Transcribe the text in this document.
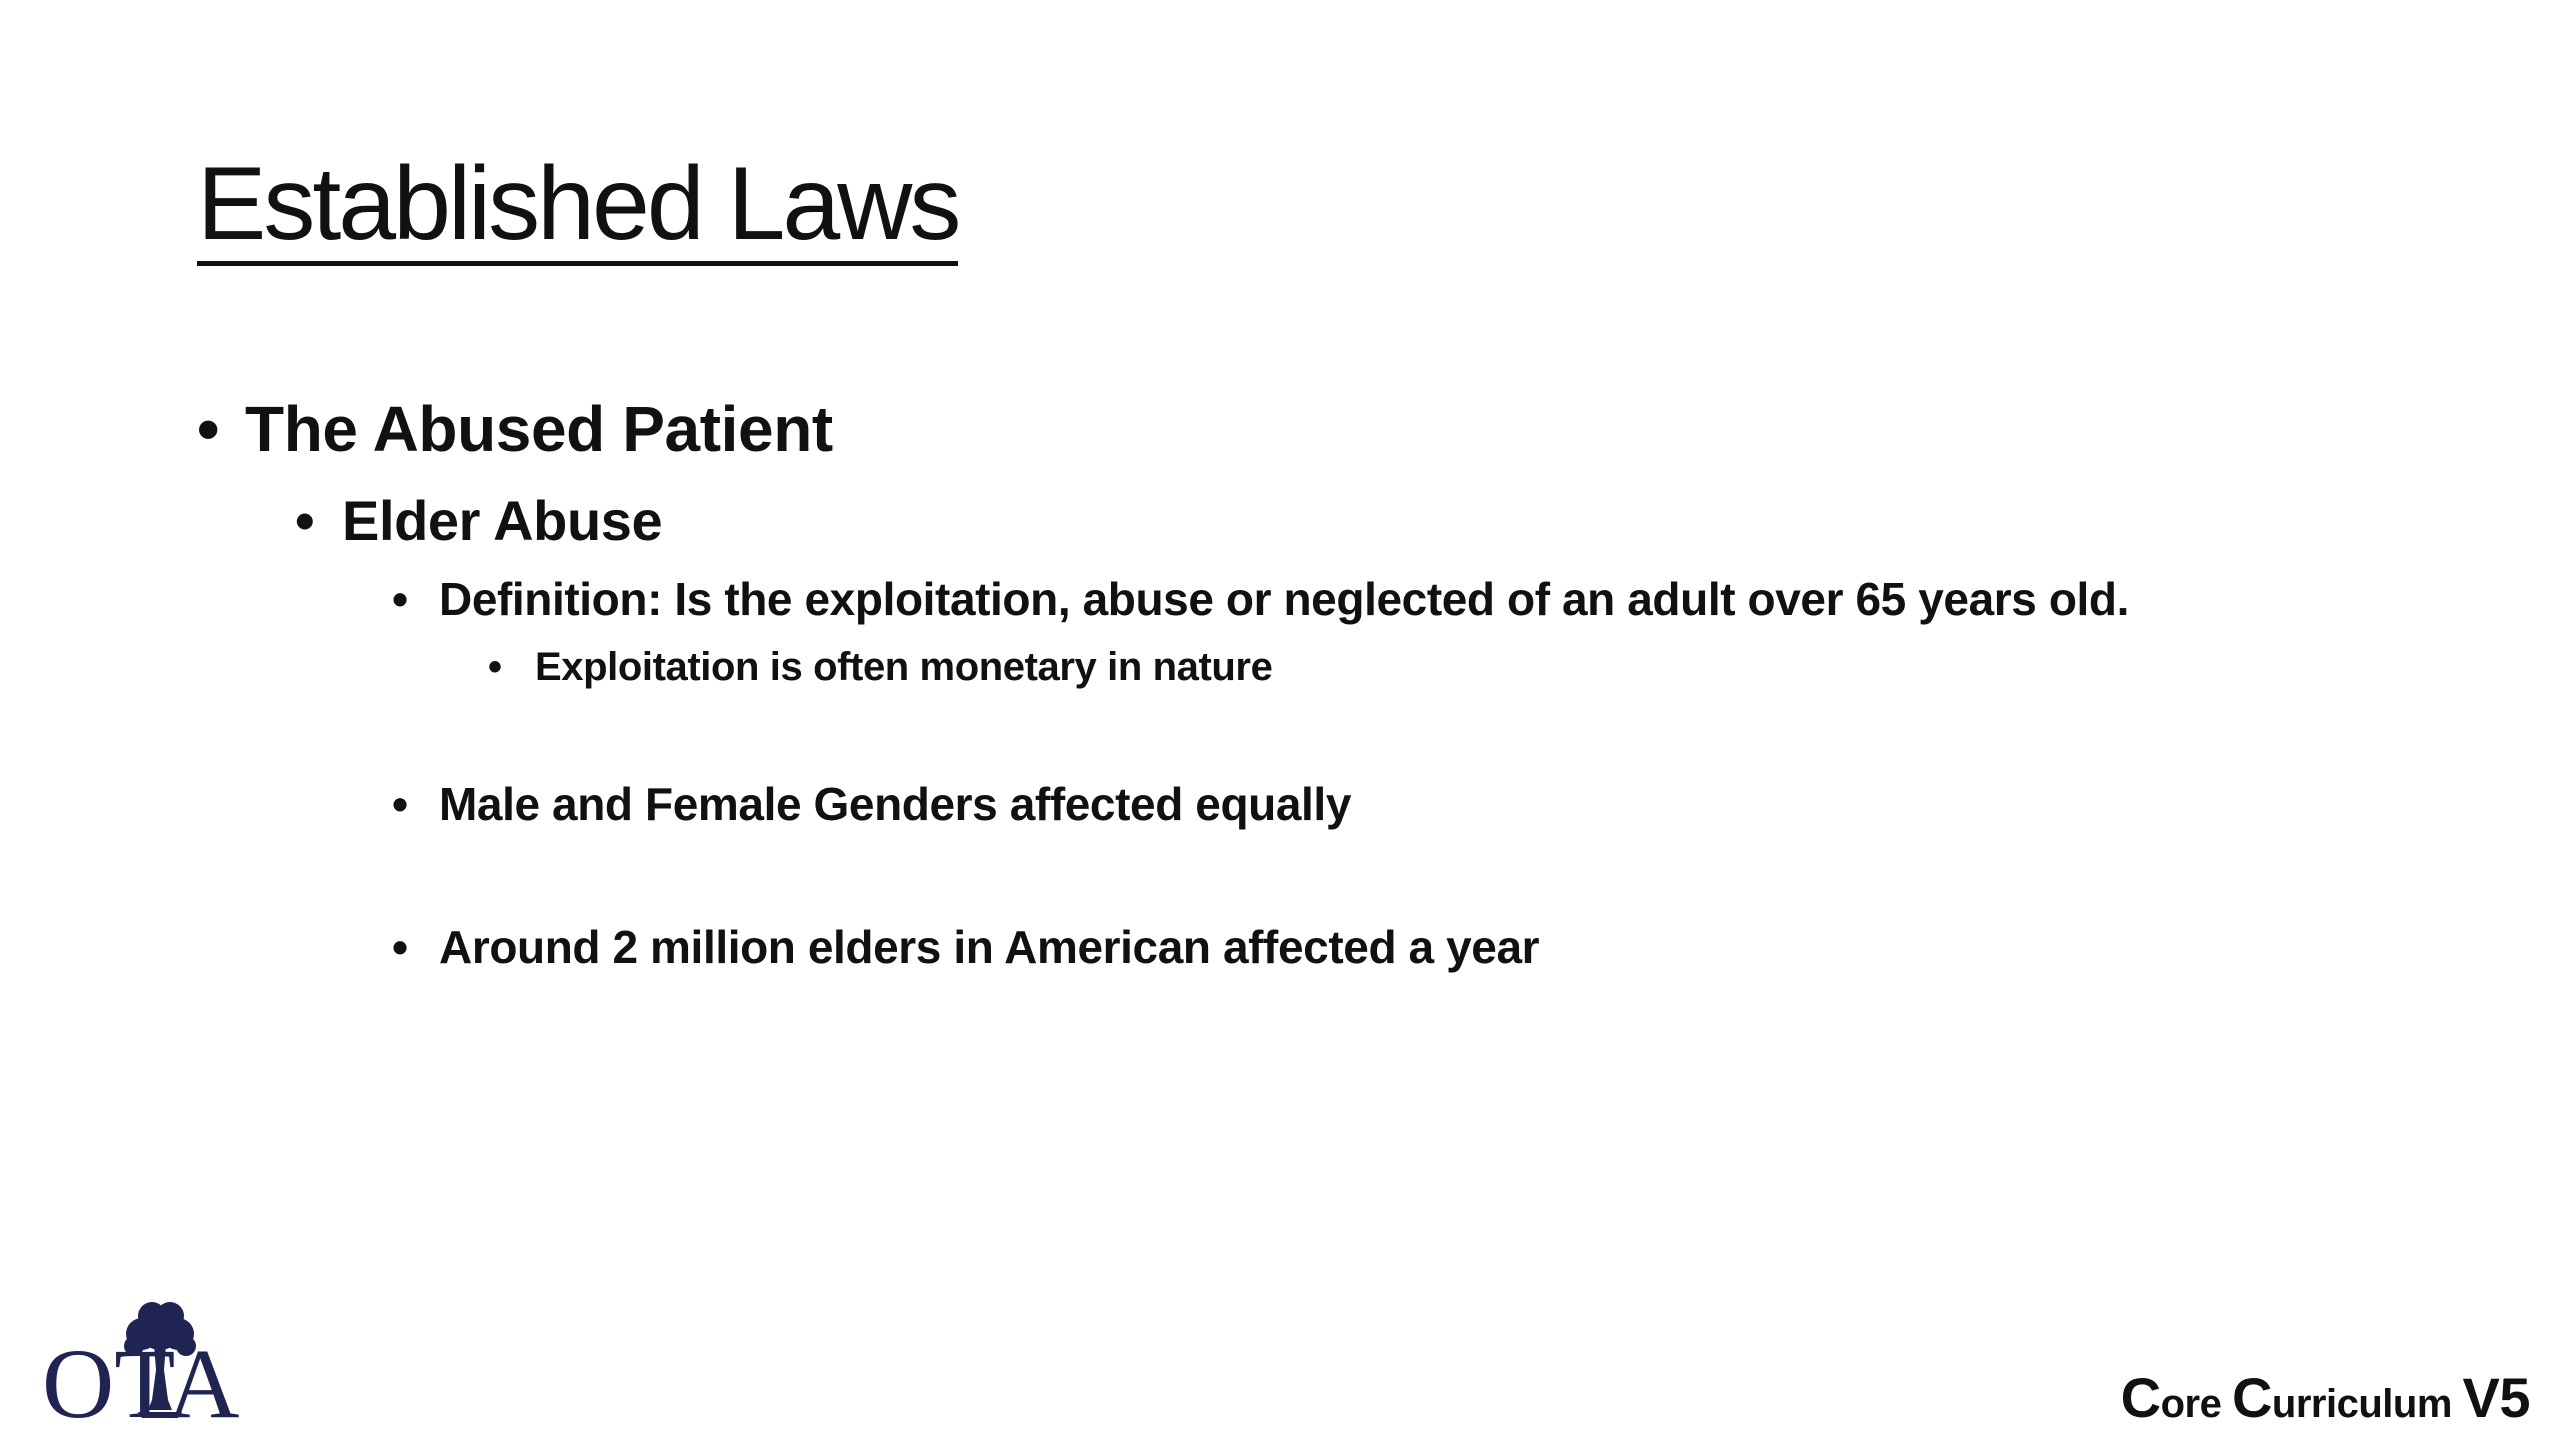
Established Laws
• The Abused Patient
• Elder Abuse
• Definition: Is the exploitation, abuse or neglected of an adult over 65 years old.
• Exploitation is often monetary in nature
• Male and Female Genders affected equally
• Around 2 million elders in American affected a year
OTA	Core Curriculum V5
